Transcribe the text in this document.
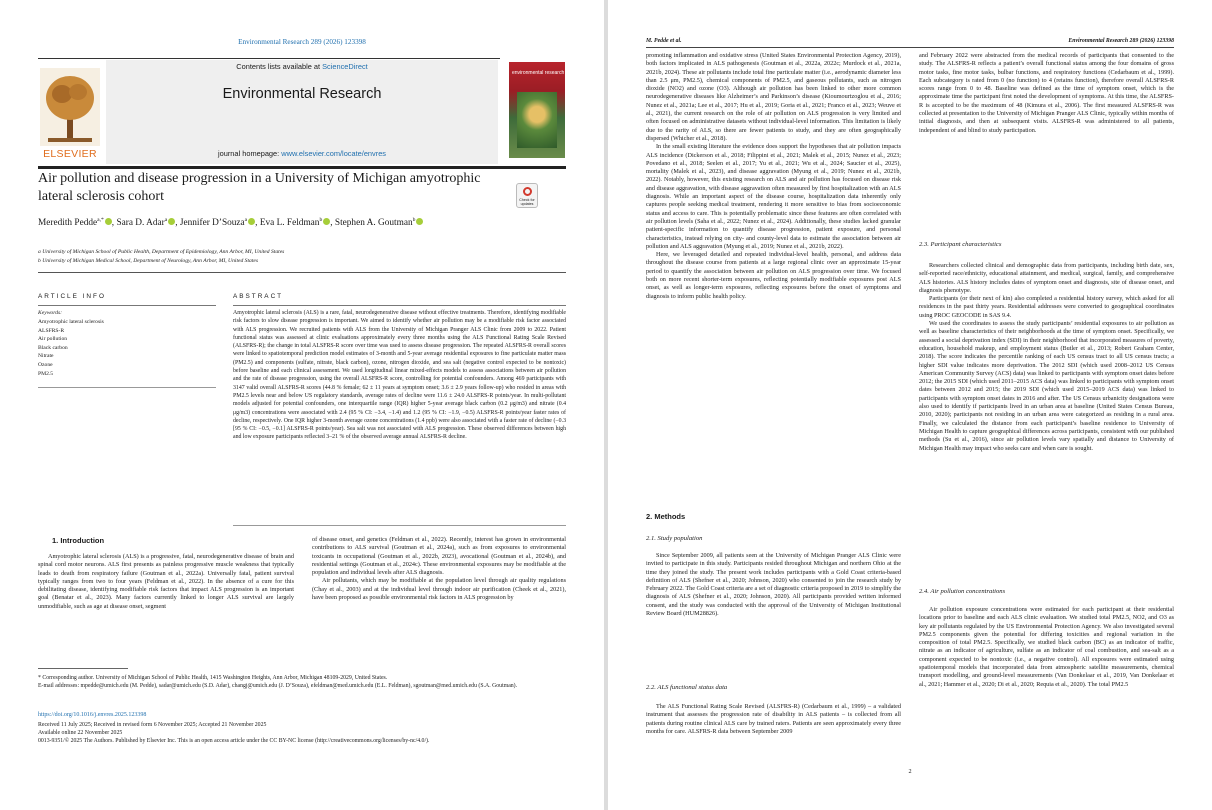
Environmental Research 289 (2026) 123398
ELSEVIER
Contents lists available at ScienceDirect
Environmental Research
journal homepage: www.elsevier.com/locate/envres
environmental research
Check for updates
Air pollution and disease progression in a University of Michigan amyotrophic lateral sclerosis cohort
Meredith Pedde$^{a,*}$ , Sara D. Adar$^a$ , Jennifer D’Souza$^a$ , Eva L. Feldman$^b$ , Stephen A. Goutman$^b$
a University of Michigan School of Public Health, Department of Epidemiology, Ann Arbor, MI, United States
b University of Michigan Medical School, Department of Neurology, Ann Arbor, MI, United States
ARTICLE INFO	ABSTRACT
Keywords:
Amyotrophic lateral sclerosis
ALSFRS-R
Air pollution
Black carbon
Nitrate
Ozone
PM2.5
Amyotrophic lateral sclerosis (ALS) is a rare, fatal, neurodegenerative disease without effective treatments. Therefore, identifying modifiable risk factors to slow disease progression is important. We aimed to identify whether air pollution may be a modifiable risk factor associated with ALS progression. We recruited patients with ALS from the University of Michigan Pranger ALS Clinic from 2009 to 2022. Patient functional status was assessed at clinic evaluations approximately every three months using the ALS Functional Rating Scale Revised (ALSFRS-R); the change in total ALSFRS-R score over time was used to assess disease progression. The repeated ALSFRS-R overall scores were linked to spatiotemporal prediction model estimates of 3-month and 5-year average residential exposures to fine particulate matter mass (PM2.5) and components (sulfate, nitrate, black carbon), ozone, nitrogen dioxide, and sea salt (negative control expected to be nontoxic) before baseline and each clinical assessment. We used longitudinal linear mixed-effects models to assess associations between air pollution and the rate of disease progression, using the overall ALSFRS-R score, controlling for potential confounders. Among 469 participants with 3147 valid overall ALSFRS-R scores (44.8 % female; 62 ± 11 years at symptom onset; 3.6 ± 2.9 years follow-up) who resided in areas with PM2.5 levels near and below US regulatory standards, average rates of decline were 11.6 ± 24.0 ALSFRS-R points/year. In multi-pollutant models adjusted for potential confounders, one interquartile range (IQR) higher 5-year average black carbon (0.2 μg/m3) and nitrate (0.4 μg/m3) concentrations were associated with 2.4 (95 % CI: −3.4, −1.4) and 1.2 (95 % CI: −1.9, −0.5) ALSFRS-R points/year faster rates of decline, respectively. One IQR higher 3-month average ozone concentrations (1.4 ppb) were also associated with a faster rate of decline (−0.3 [95 % CI: −0.5, −0.1] ALSFRS-R points/year). Sea salt was not associated with ALS progression. These observed differences between high and low exposure participants reflected 3–21 % of the observed average annual ALSFRS-R decline.
1. Introduction
Amyotrophic lateral sclerosis (ALS) is a progressive, fatal, neurodegenerative disease of brain and spinal cord motor neurons. ALS first presents as painless progressive muscle weakness that typically leads to death from respiratory failure (Goutman et al., 2022a). Universally fatal, patient survival typically ranges from two to four years (Feldman et al., 2022). In the absence of a cure for this debilitating disease, identifying modifiable risk factors that impact ALS progression is an important goal (Benatar et al., 2023). Many factors currently linked to longer ALS survival are largely unmodifiable, such as age at disease onset, segment
of disease onset, and genetics (Feldman et al., 2022). Recently, interest has grown in environmental contributions to ALS survival (Goutman et al., 2024a), such as from exposures to environmental toxicants in occupational (Goutman et al., 2022b, 2023), avocational (Goutman et al., 2024b), and residential settings (Goutman et al., 2024c). These environmental exposures may be modifiable at the population and individual levels after ALS diagnosis.
Air pollutants, which may be modifiable at the population level through air quality regulations (Chay et al., 2003) and at the individual level through indoor air purification (Cheek et al., 2021), have been proposed as possible environmental risk factors in ALS progression by
* Corresponding author. University of Michigan School of Public Health, 1415 Washington Heights, Ann Arbor, Michigan 48109-2029, United States.
E-mail addresses: mpedde@umich.edu (M. Pedde), sadar@umich.edu (S.D. Adar), changj@umich.edu (J. D’Souza), efeldman@med.umich.edu (E.L. Feldman), sgoutman@med.umich.edu (S.A. Goutman).
https://doi.org/10.1016/j.envres.2025.123398
Received 11 July 2025; Received in revised form 6 November 2025; Accepted 21 November 2025
Available online 22 November 2025
0013-9351/© 2025 The Authors. Published by Elsevier Inc. This is an open access article under the CC BY-NC license (http://creativecommons.org/licenses/by-nc/4.0/).
M. Pedde et al.	Environmental Research 289 (2026) 123398
promoting inflammation and oxidative stress (United States Environmental Protection Agency, 2019), both factors implicated in ALS pathogenesis (Goutman et al., 2022a, 2022c; Murdock et al., 2021a, 2021b, 2024). These air pollutants include total fine particulate matter (i.e., aerodynamic diameter less than 2.5 μm, PM2.5), chemical components of PM2.5, and gaseous pollutants, such as nitrogen dioxide (NO2) and ozone (O3). Although air pollution has been linked to other more common neurodegenerative diseases like Alzheimer’s and Parkinson’s disease (Kioumourtzoglou et al., 2016; Nunez et al., 2021a; Lee et al., 2017; Hu et al., 2019; Goria et al., 2021; Franco et al., 2023; Weuve et al., 2021), the current research on the role of air pollution on ALS progression is very limited and often focused on administrative datasets without individual-level information. This limitation is likely due to the rarity of ALS, so there are fewer patients to study, and they are often geographically dispersed (Whicher et al., 2018).
In the small existing literature the evidence does support the hypotheses that air pollution impacts ALS incidence (Dickerson et al., 2018; Filippini et al., 2021; Malek et al., 2015; Nunez et al., 2023; Povedano et al., 2018; Seelen et al., 2017; Yu et al., 2021; Wu et al., 2024; Saucier et al., 2025), mortality (Malek et al., 2023), and disease aggravation (Myung et al., 2019; Nunez et al., 2021b, 2022). Notably, however, this existing research on ALS and air pollution has focused on disease risk and disease aggravation, with disease aggravation often measured by first hospitalization with an ALS diagnosis. While an important aspect of the disease course, hospitalization data inherently only captures people seeking medical treatment, rendering it more sensitive to bias from socioeconomic status and access to care. This is potentially problematic since these features are often correlated with air pollution levels (Saha et al., 2022; Nunez et al., 2024). Additionally, these studies lacked granular patient-specific information to quantify disease progression, patient exposure, and personal characteristics, instead relying on city- and county-level data to estimate the association between air pollution and ALS aggravation (Myung et al., 2019; Nunez et al., 2021b, 2022).
Here, we leveraged detailed and repeated individual-level health, personal, and address data throughout the disease course from patients at a large regional clinic over an approximate 15-year period to quantify the association between air pollution on ALS progression over time. We focused both on more recent shorter-term exposures, reflecting potentially modifiable exposures post ALS onset, as well as longer-term exposures, reflecting exposures before the onset of symptoms and diagnosis to inform public health policy.
2. Methods
2.1. Study population
Since September 2009, all patients seen at the University of Michigan Pranger ALS Clinic were invited to participate in this study. Participants resided throughout Michigan and northern Ohio at the time they joined the study. The present work includes participants with a Gold Coast criteria-based definition of ALS (Shefner et al., 2020; Johnson, 2020) who consented to join the research study by February 2022. The Gold Coast criteria are a set of diagnostic criteria proposed in 2019 to simplify the diagnosis of ALS (Shefner et al., 2020; Johnson, 2020). All participants provided written informed consent, and the study was conducted with the approval of the University of Michigan Institutional Review Board (HUM28826).
2.2. ALS functional status data
The ALS Functional Rating Scale Revised (ALSFRS-R) (Cedarbaum et al., 1999) – a validated instrument that assesses the progression rate of disability in ALS patients – is collected from all patients during routine clinical ALS care by trained raters. Patients are seen approximately every three months for care. ALSFRS-R data between September 2009
and February 2022 were abstracted from the medical records of participants that consented to the study. The ALSFRS-R reflects a patient’s overall functional status among the four domains of gross motor tasks, fine motor tasks, bulbar functions, and respiratory functions (Cedarbaum et al., 1999). Each subcategory is rated from 0 (no function) to 4 (retains function), therefore overall ALSFRS-R scores range from 0 to 48. Baseline was defined as the time of symptom onset, which is the approximate time the participant first noted the development of symptoms. At this time, the ALSFRS-R is accepted to be the maximum of 48 (Kimura et al., 2006). The first measured ALSFRS-R was collected at presentation to the University of Michigan Pranger ALS Clinic, typically within months of initial diagnosis, and then at subsequent visits. ALSFRS-R was administered to all patients, independent of and blind to study participation.
2.3. Participant characteristics
Researchers collected clinical and demographic data from participants, including birth date, sex, self-reported race/ethnicity, educational attainment, and medical, surgical, family, and comprehensive ALS histories. ALS history includes dates of symptom onset and diagnosis, site of disease onset, and diagnosis phenotype.
Participants (or their next of kin) also completed a residential history survey, which asked for all residences in the past thirty years. Residential addresses were converted to geographical coordinates using PROC GEOCODE in SAS 9.4.
We used the coordinates to assess the study participants’ residential exposures to air pollution as well as baseline characteristics of their neighborhoods at the time of symptom onset. Specifically, we assessed a social deprivation index (SDI) in their neighborhood that incorporated measures of poverty, education, household makeup, and employment status (Butler et al., 2013; Robert Graham Center, 2018). The score indicates the percentile ranking of each US census tract to all US census tracts; a higher SDI value indicates more deprivation. The 2012 SDI (which used 2008–2012 US Census American Community Survey (ACS) data) was linked to participants with symptom onset dates before 2012; the 2015 SDI (which used 2011–2015 ACS data) was linked to participants with symptom onset dates between 2012 and 2015; the 2019 SDI (which used 2015–2019 ACS data) was linked to participants with symptom onset dates in 2016 and after. The US Census urbanicity designations were also used to identify if participants lived in an urban area at baseline (United States Census Bureau, 2010, 2020); participants not residing in an urban area were categorized as residing in a rural area. Finally, we calculated the distance from each participant’s baseline residence to University of Michigan Health to capture geographical differences across participants, consistent with our published methods (Su et al., 2016), since air pollution levels vary spatially and distance to University of Michigan Health may impact who seeks care and when care is sought.
2.4. Air pollution concentrations
Air pollution exposure concentrations were estimated for each participant at their residential locations prior to baseline and each ALS clinic evaluation. We studied total PM2.5, NO2, and O3 as key air pollutants regulated by the US Environmental Protection Agency. We also investigated several PM2.5 components given the potential for differing toxicities and regional variation in the composition of total PM2.5. Specifically, we studied black carbon (BC) as an indicator of traffic, nitrate as an indicator of agriculture, sulfate as an indicator of coal combustion, and sea-salt as a component expected to be nontoxic (i.e., a negative control). All exposures were estimated using spatiotemporal models that incorporated data from atmospheric satellite measurements, chemical transport modelling, and ground-level measurements (Van Donkelaar et al., 2019, Van Donkelaar et al., 2021; Hammer et al., 2020; Di et al., 2020; Requia et al., 2020). The total PM2.5
2
